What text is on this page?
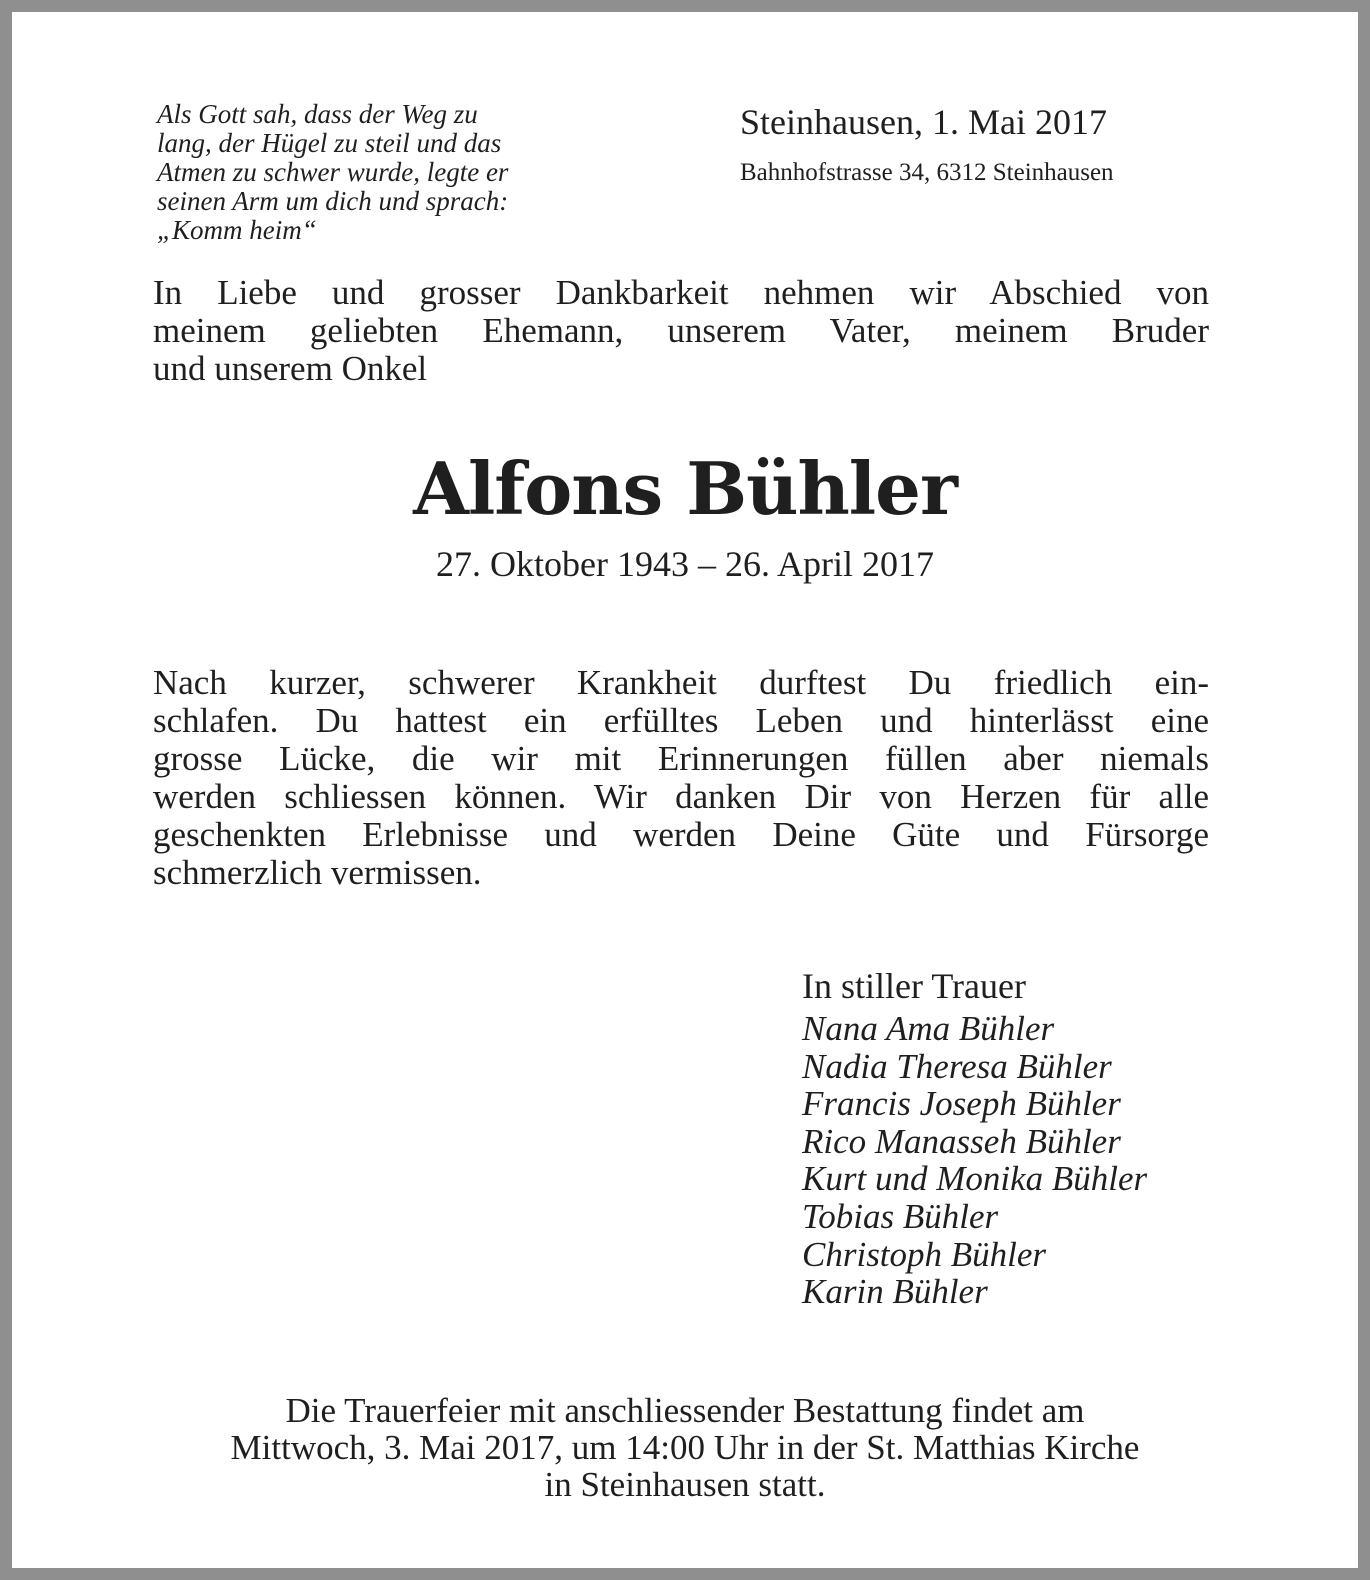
Als Gott sah, dass der Weg zu
lang, der Hügel zu steil und das
Atmen zu schwer wurde, legte er
seinen Arm um dich und sprach:
„Komm heim“

Steinhausen, 1. Mai 2017

Bahnhofstrasse 34, 6312 Steinhausen

In Liebe und grosser Dankbarkeit nehmen wir Abschied von
meinem geliebten Ehemann, unserem Vater, meinem Bruder
und unserem Onkel

Alfons Bühler

27. Oktober 1943 – 26. April 2017

Nach kurzer, schwerer Krankheit durftest Du friedlich ein-
schlafen. Du hattest ein erfülltes Leben und hinterlässt eine
grosse Lücke, die wir mit Erinnerungen füllen aber niemals
werden schliessen können. Wir danken Dir von Herzen für alle
geschenkten Erlebnisse und werden Deine Güte und Fürsorge
schmerzlich vermissen.

In stiller Trauer
Nana Ama Bühler
Nadia Theresa Bühler
Francis Joseph Bühler
Rico Manasseh Bühler
Kurt und Monika Bühler
Tobias Bühler
Christoph Bühler
Karin Bühler

Die Trauerfeier mit anschliessender Bestattung findet am
Mittwoch, 3. Mai 2017, um 14:00 Uhr in der St. Matthias Kirche
in Steinhausen statt.
